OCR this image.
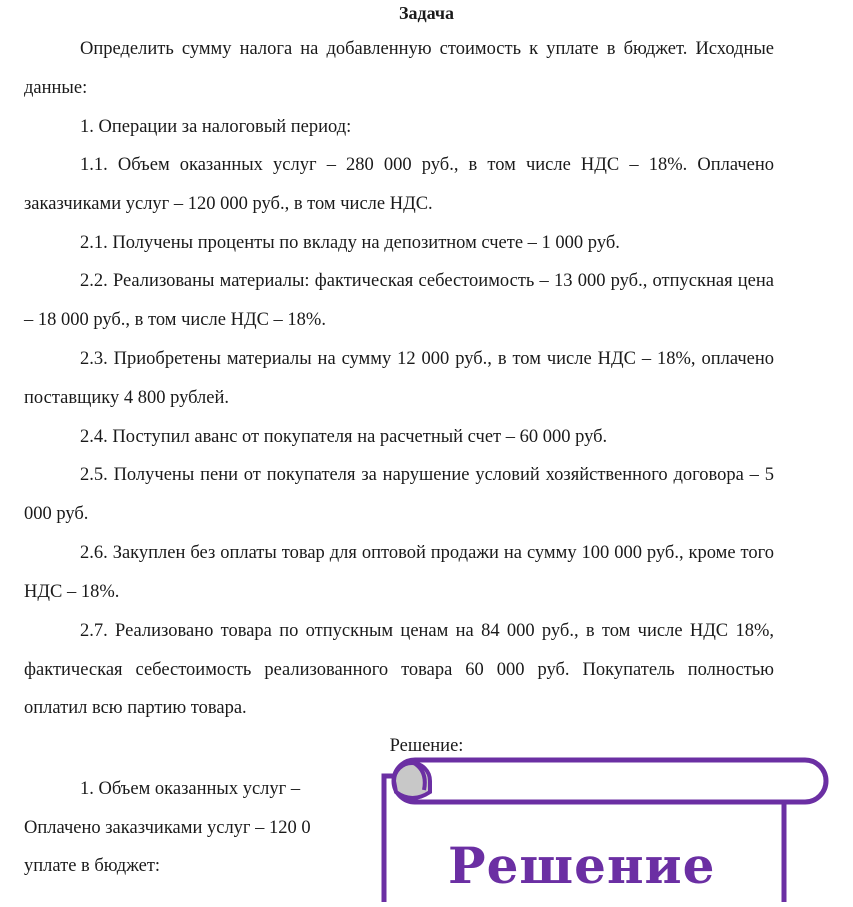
Задача

Определить сумму налога на добавленную стоимость к уплате в бюджет. Исходные данные:

1. Операции за налоговый период:

1.1. Объем оказанных услуг – 280 000 руб., в том числе НДС – 18%. Оплачено заказчиками услуг – 120 000 руб., в том числе НДС.

2.1. Получены проценты по вкладу на депозитном счете – 1 000 руб.

2.2. Реализованы материалы: фактическая себестоимость – 13 000 руб., отпускная цена – 18 000 руб., в том числе НДС – 18%.

2.3. Приобретены материалы на сумму 12 000 руб., в том числе НДС – 18%, оплачено поставщику 4 800 рублей.

2.4. Поступил аванс от покупателя на расчетный счет – 60 000 руб.

2.5. Получены пени от покупателя за нарушение условий хозяйственного договора – 5 000 руб.

2.6. Закуплен без оплаты товар для оптовой продажи на сумму 100 000 руб., кроме того НДС – 18%.

2.7. Реализовано товара по отпускным ценам на 84 000 руб., в том числе НДС 18%, фактическая себестоимость реализованного товара 60 000 руб. Покупатель полностью оплатил всю партию товара.

Решение:
1. Объем оказанных услуг –
Оплачено заказчиками услуг – 120 0
уплате в бюджет:	Решение
